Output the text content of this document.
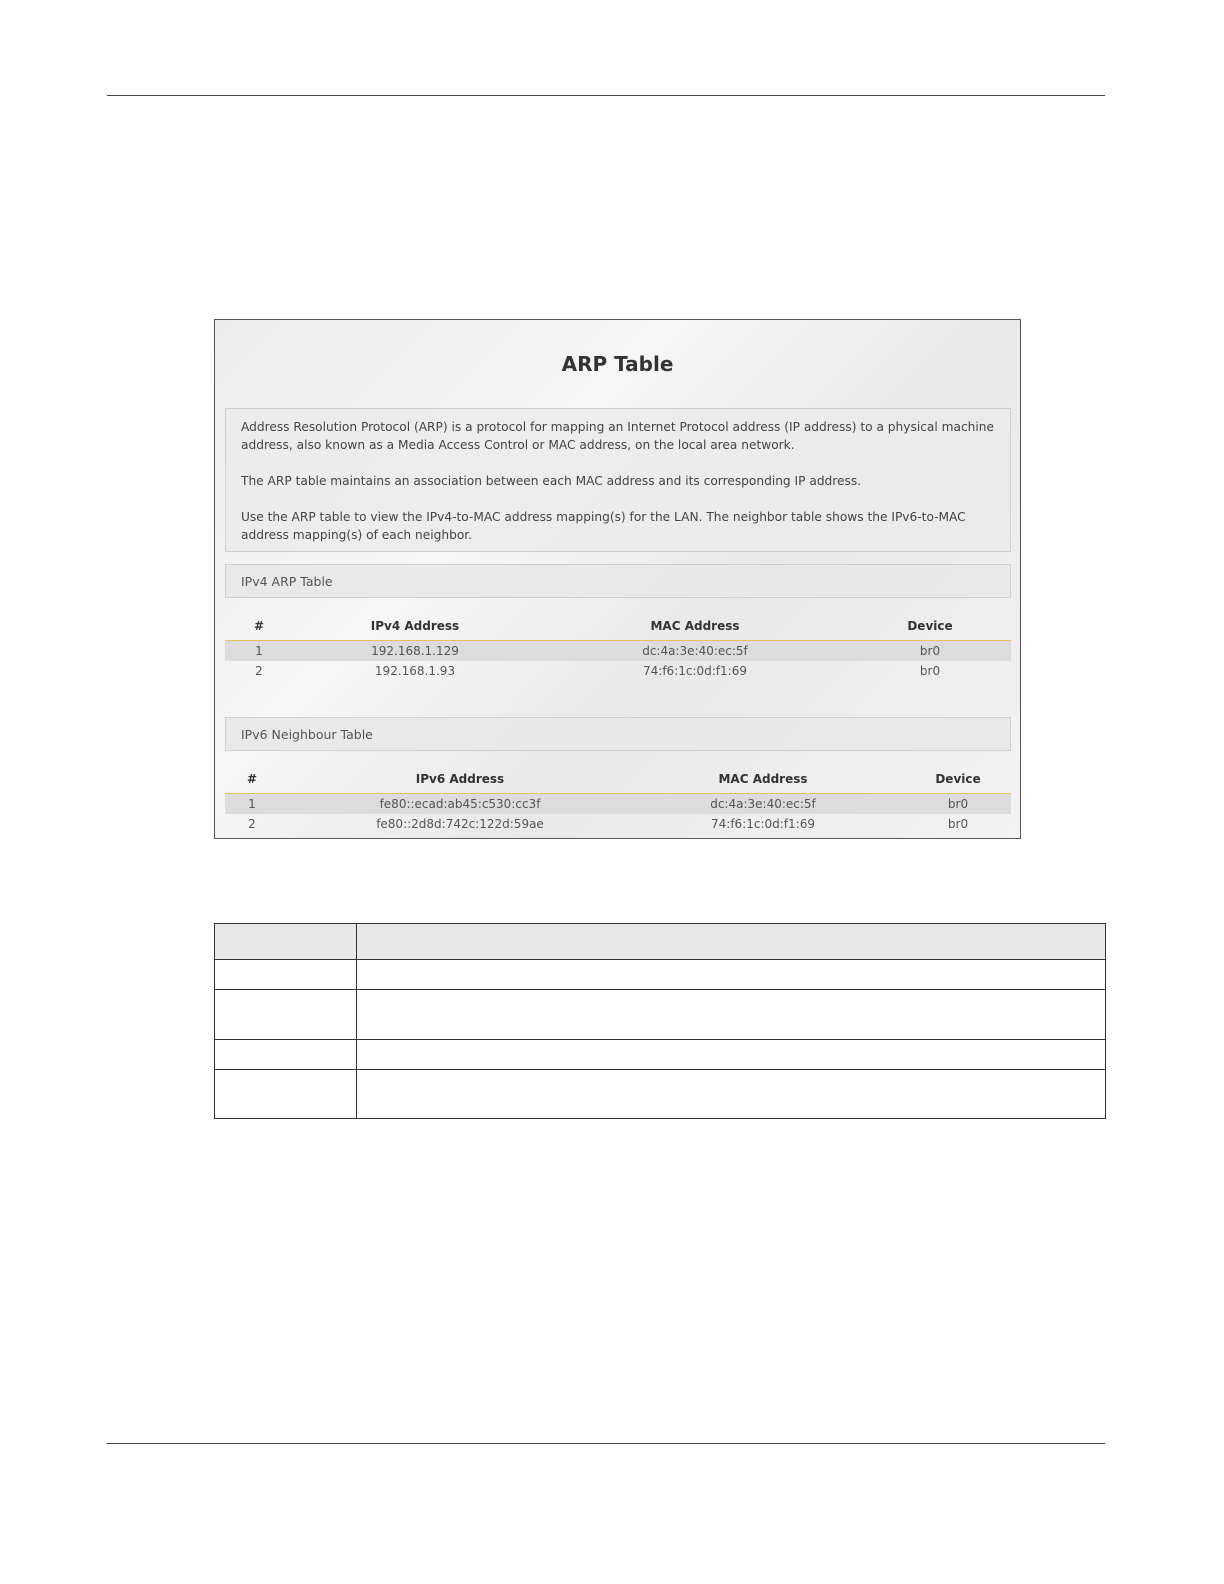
ARP Table

Address Resolution Protocol (ARP) is a protocol for mapping an Internet Protocol address (IP address) to a physical machine address, also known as a Media Access Control or MAC address, on the local area network.

The ARP table maintains an association between each MAC address and its corresponding IP address.

Use the ARP table to view the IPv4-to-MAC address mapping(s) for the LAN. The neighbor table shows the IPv6-to-MAC address mapping(s) of each neighbor.

IPv4 ARP Table
#	IPv4 Address	MAC Address	Device
1	192.168.1.129	dc:4a:3e:40:ec:5f	br0
2	192.168.1.93	74:f6:1c:0d:f1:69	br0
IPv6 Neighbour Table
#	IPv6 Address	MAC Address	Device
1	fe80::ecad:ab45:c530:cc3f	dc:4a:3e:40:ec:5f	br0
2	fe80::2d8d:742c:122d:59ae	74:f6:1c:0d:f1:69	br0
